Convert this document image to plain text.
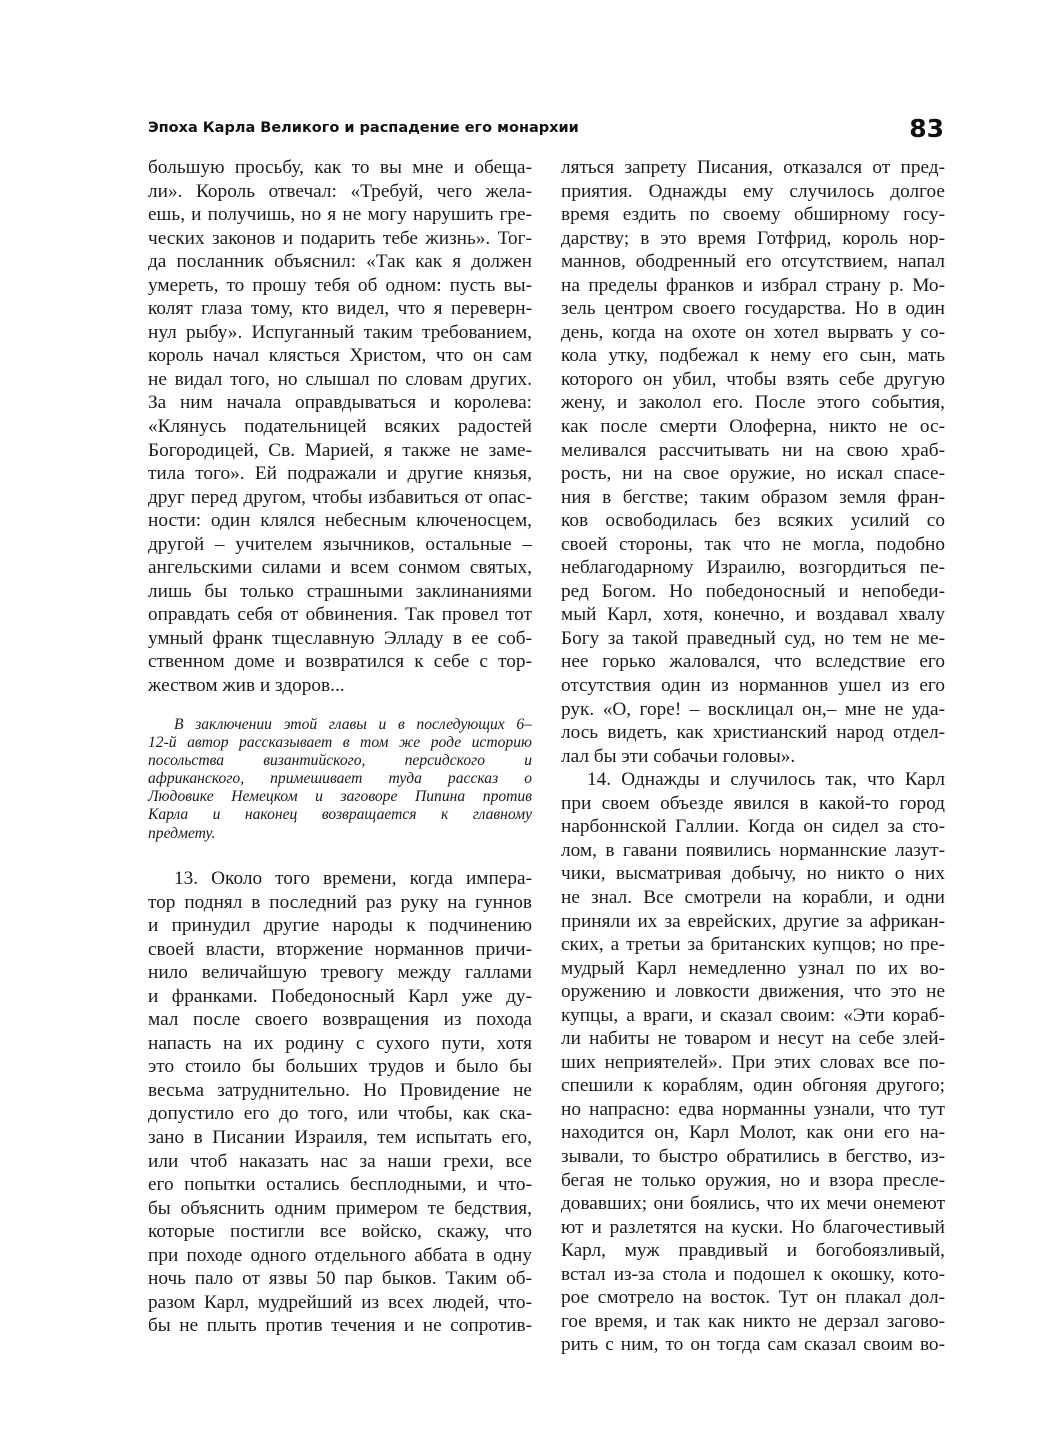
Эпоха Карла Великого и распадение его монархии	83
большую просьбу, как то вы мне и обеща-
ли». Король отвечал: «Требуй, чего жела-
ешь, и получишь, но я не могу нарушить гре-
ческих законов и подарить тебе жизнь». Тог-
да посланник объяснил: «Так как я должен
умереть, то прошу тебя об одном: пусть вы-
колят глаза тому, кто видел, что я переверн-
нул рыбу». Испуганный таким требованием,
король начал клясться Христом, что он сам
не видал того, но слышал по словам других.
За ним начала оправдываться и королева:
«Клянусь подательницей всяких радостей
Богородицей, Св. Марией, я также не заме-
тила того». Ей подражали и другие князья,
друг перед другом, чтобы избавиться от опас-
ности: один клялся небесным ключеносцем,
другой – учителем язычников, остальные –
ангельскими силами и всем сонмом святых,
лишь бы только страшными заклинаниями
оправдать себя от обвинения. Так провел тот
умный франк тщеславную Элладу в ее соб-
ственном доме и возвратился к себе с тор-
жеством жив и здоров...
В заключении этой главы и в последующих 6–
12-й автор рассказывает в том же роде историю
посольства византийского, персидского и
африканского, примешивает туда рассказ о
Людовике Немецком и заговоре Пипина против
Карла и наконец возвращается к главному
предмету.
13. Около того времени, когда импера-
тор поднял в последний раз руку на гуннов
и принудил другие народы к подчинению
своей власти, вторжение норманнов причи-
нило величайшую тревогу между галлами
и франками. Победоносный Карл уже ду-
мал после своего возвращения из похода
напасть на их родину с сухого пути, хотя
это стоило бы больших трудов и было бы
весьма затруднительно. Но Провидение не
допустило его до того, или чтобы, как ска-
зано в Писании Израиля, тем испытать его,
или чтоб наказать нас за наши грехи, все
его попытки остались бесплодными, и что-
бы объяснить одним примером те бедствия,
которые постигли все войско, скажу, что
при походе одного отдельного аббата в одну
ночь пало от язвы 50 пар быков. Таким об-
разом Карл, мудрейший из всех людей, что-
бы не плыть против течения и не сопротив-
ляться запрету Писания, отказался от пред-
приятия. Однажды ему случилось долгое
время ездить по своему обширному госу-
дарству; в это время Готфрид, король нор-
маннов, ободренный его отсутствием, напал
на пределы франков и избрал страну р. Мо-
зель центром своего государства. Но в один
день, когда на охоте он хотел вырвать у со-
кола утку, подбежал к нему его сын, мать
которого он убил, чтобы взять себе другую
жену, и заколол его. После этого события,
как после смерти Олоферна, никто не ос-
меливался рассчитывать ни на свою храб-
рость, ни на свое оружие, но искал спасе-
ния в бегстве; таким образом земля фран-
ков освободилась без всяких усилий со
своей стороны, так что не могла, подобно
неблагодарному Израилю, возгордиться пе-
ред Богом. Но победоносный и непобеди-
мый Карл, хотя, конечно, и воздавал хвалу
Богу за такой праведный суд, но тем не ме-
нее горько жаловался, что вследствие его
отсутствия один из норманнов ушел из его
рук. «О, горе! – восклицал он,– мне не уда-
лось видеть, как христианский народ отдел-
лал бы эти собачьи головы».
14. Однажды и случилось так, что Карл
при своем объезде явился в какой-то город
нарбоннской Галлии. Когда он сидел за сто-
лом, в гавани появились норманнские лазут-
чики, высматривая добычу, но никто о них
не знал. Все смотрели на корабли, и одни
приняли их за еврейских, другие за африкан-
ских, а третьи за британских купцов; но пре-
мудрый Карл немедленно узнал по их во-
оружению и ловкости движения, что это не
купцы, а враги, и сказал своим: «Эти кораб-
ли набиты не товаром и несут на себе злей-
ших неприятелей». При этих словах все по-
спешили к кораблям, один обгоняя другого;
но напрасно: едва норманны узнали, что тут
находится он, Карл Молот, как они его на-
зывали, то быстро обратились в бегство, из-
бегая не только оружия, но и взора пресле-
довавших; они боялись, что их мечи онемеют
ют и разлетятся на куски. Но благочестивый
Карл, муж правдивый и богобоязливый,
встал из-за стола и подошел к окошку, кото-
рое смотрело на восток. Тут он плакал дол-
гое время, и так как никто не дерзал загово-
рить с ним, то он тогда сам сказал своим во-
